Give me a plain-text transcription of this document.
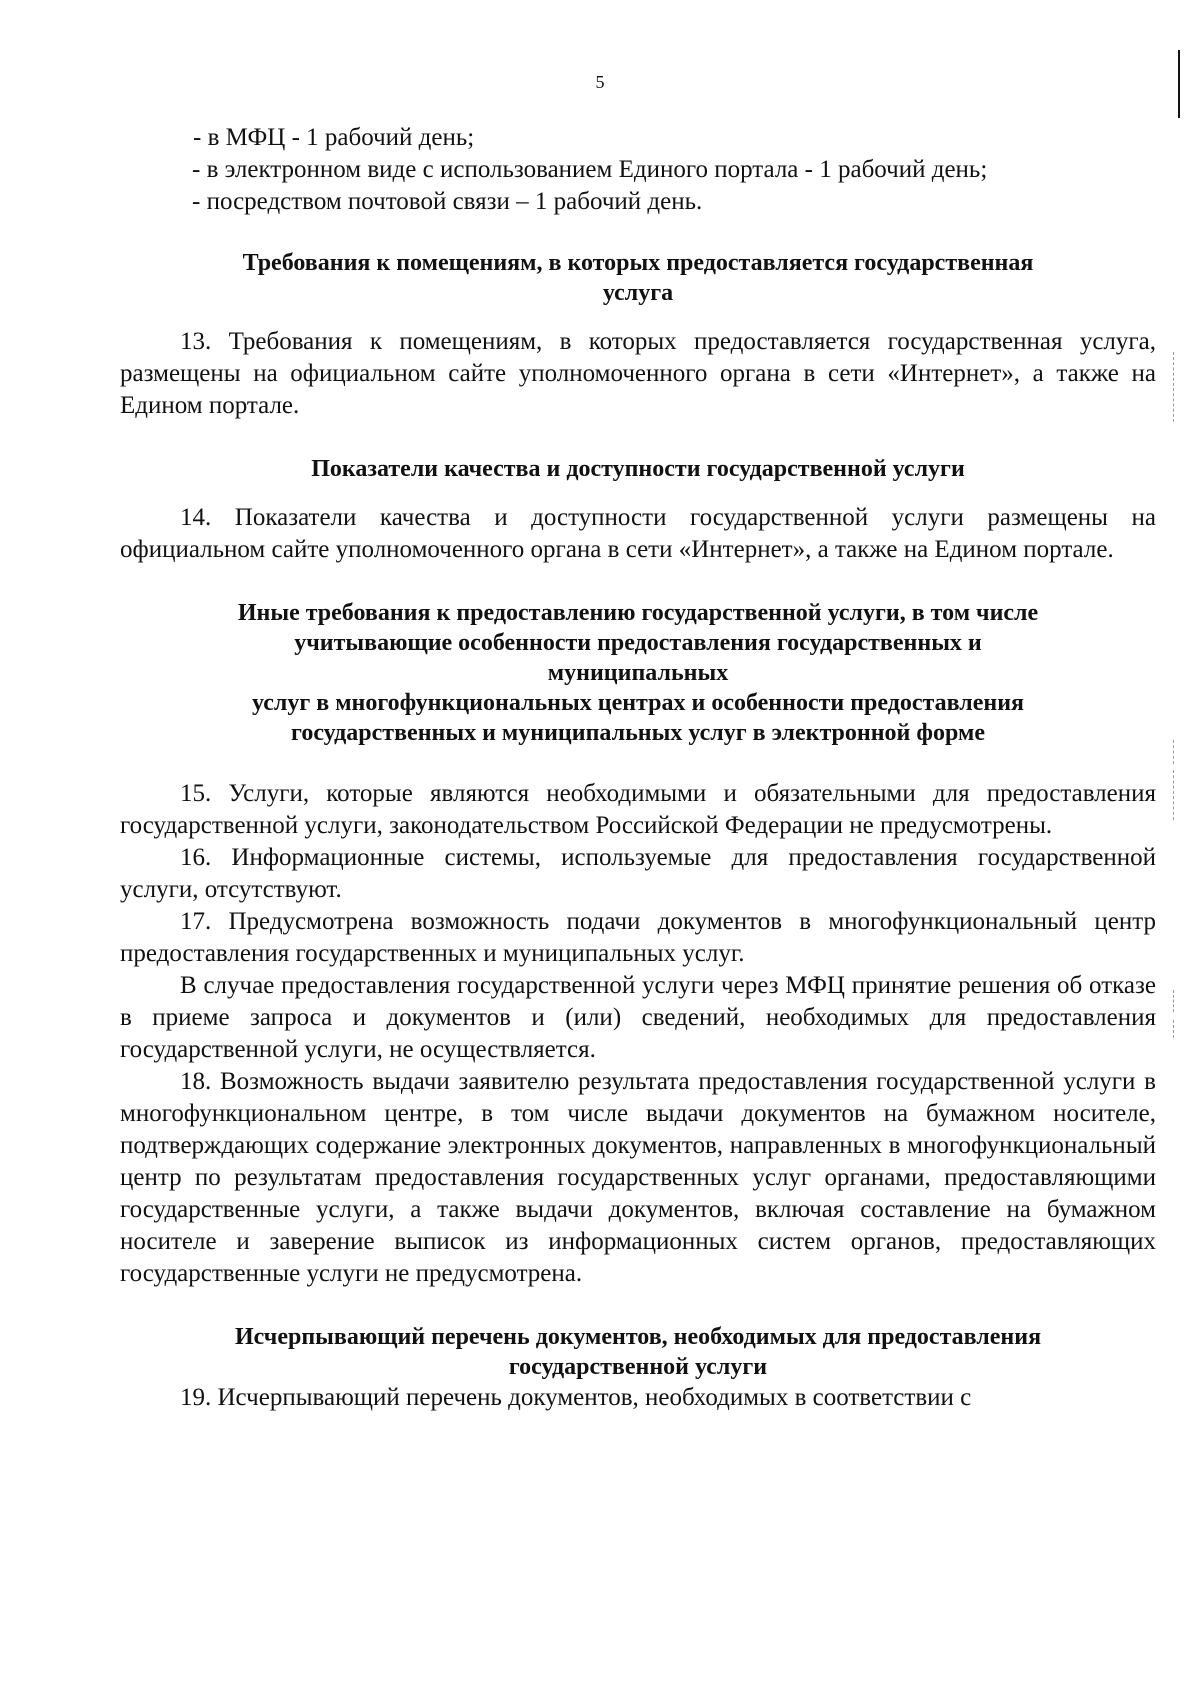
5

- в МФЦ - 1 рабочий день;

- в электронном виде с использованием Единого портала - 1 рабочий день;

- посредством почтовой связи – 1 рабочий день.

Требования к помещениям, в которых предоставляется государственная
услуга

13. Требования к помещениям, в которых предоставляется государственная услуга, размещены на официальном сайте уполномоченного органа в сети «Интернет», а также на Едином портале.

Показатели качества и доступности государственной услуги

14. Показатели качества и доступности государственной услуги размещены на официальном сайте уполномоченного органа в сети «Интернет», а также на Едином портале.

Иные требования к предоставлению государственной услуги, в том числе
учитывающие особенности предоставления государственных и
муниципальных
услуг в многофункциональных центрах и особенности предоставления
государственных и муниципальных услуг в электронной форме

15. Услуги, которые являются необходимыми и обязательными для предоставления государственной услуги, законодательством Российской Федерации не предусмотрены.

16. Информационные системы, используемые для предоставления государственной услуги, отсутствуют.

17. Предусмотрена возможность подачи документов в многофункциональный центр предоставления государственных и муниципальных услуг.

В случае предоставления государственной услуги через МФЦ принятие решения об отказе в приеме запроса и документов и (или) сведений, необходимых для предоставления государственной услуги, не осуществляется.

18. Возможность выдачи заявителю результата предоставления государственной услуги в многофункциональном центре, в том числе выдачи документов на бумажном носителе, подтверждающих содержание электронных документов, направленных в многофункциональный центр по результатам предоставления государственных услуг органами, предоставляющими государственные услуги, а также выдачи документов, включая составление на бумажном носителе и заверение выписок из информационных систем органов, предоставляющих государственные услуги не предусмотрена.

Исчерпывающий перечень документов, необходимых для предоставления
государственной услуги

19. Исчерпывающий перечень документов, необходимых в соответствии с
